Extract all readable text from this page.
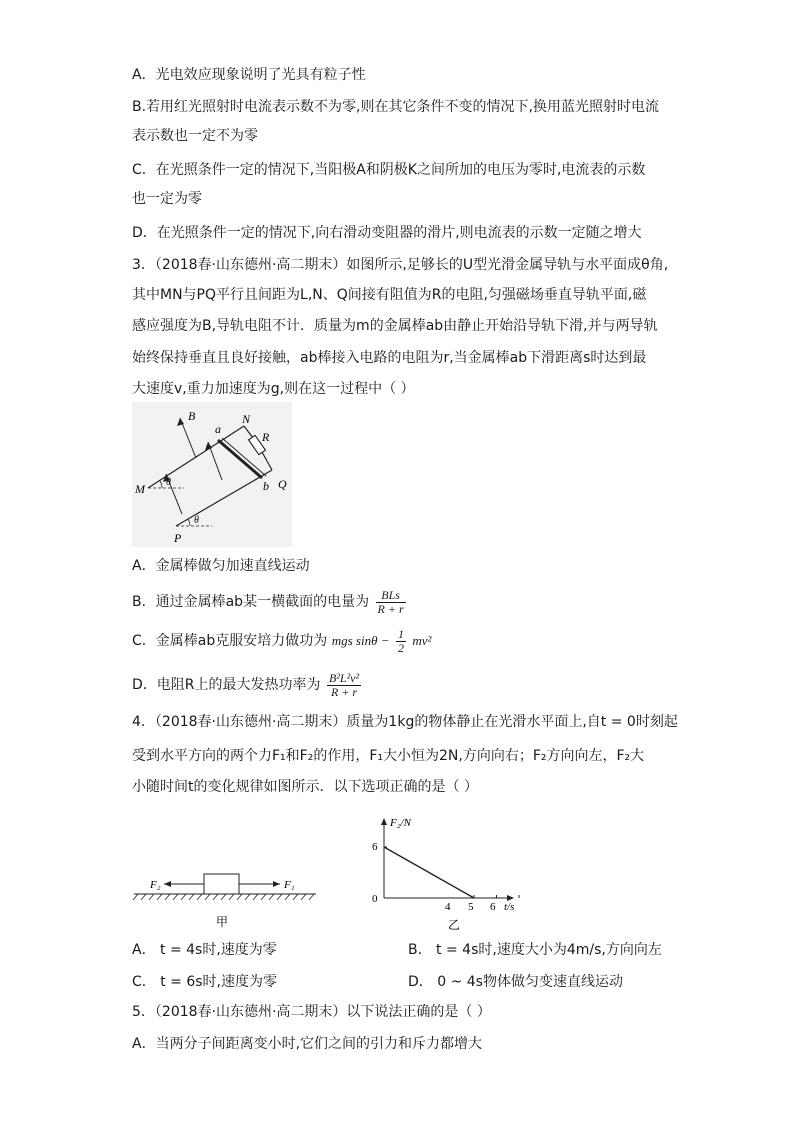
A．光电效应现象说明了光具有粒子性
B.若用红光照射时电流表示数不为零,则在其它条件不变的情况下,换用蓝光照射时电流
表示数也一定不为零
C．在光照条件一定的情况下,当阳极A和阴极K之间所加的电压为零时,电流表的示数
也一定为零
D．在光照条件一定的情况下,向右滑动变阻器的滑片,则电流表的示数一定随之增大
3．（2018春·山东德州·高二期末）如图所示,足够长的U型光滑金属导轨与水平面成θ角,
其中MN与PQ平行且间距为L,N、Q间接有阻值为R的电阻,匀强磁场垂直导轨平面,磁
感应强度为B,导轨电阻不计．质量为m的金属棒ab由静止开始沿导轨下滑,并与两导轨
始终保持垂直且良好接触，ab棒接入电路的电阻为r,当金属棒ab下滑距离s时达到最
大速度v,重力加速度为g,则在这一过程中（ ）
B
a
N
R
Q
M	b
P
θ
θ
A．金属棒做匀加速直线运动
B．通过金属棒ab某一横截面的电量为 $\frac{\text{BLs}}{R + r}$
C．金属棒ab克服安培力做功为 mgs $\sin\theta - \frac{1}{2} mv^2$
D．电阻R上的最大发热功率为 $\frac{\text{B²L²v²}}{R + r}$
4．（2018春·山东德州·高二期末）质量为1kg的物体静止在光滑水平面上,自t = 0时刻起
受到水平方向的两个力F₁和F₂的作用，F₁大小恒为2N,方向向右；F₂方向向左，F₂大
小随时间t的变化规律如图所示．以下选项正确的是（ ）
F₂	F₁
甲
F₂/N
t/s
6
0
4 5 6
乙
A． t = 4s时,速度为零	B． t = 4s时,速度大小为4m/s,方向向左
C． t = 6s时,速度为零	D． 0 ~ 4s物体做匀变速直线运动
5．（2018春·山东德州·高二期末）以下说法正确的是（ ）
A．当两分子间距离变小时,它们之间的引力和斥力都增大
